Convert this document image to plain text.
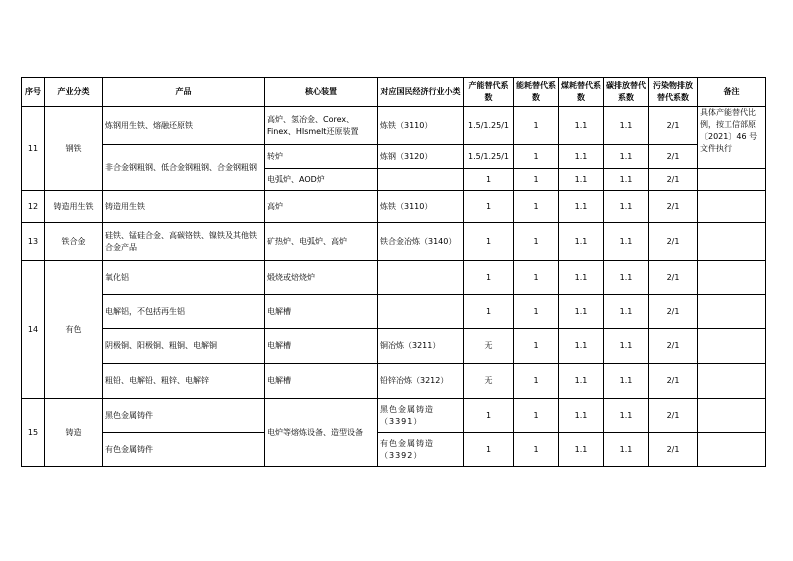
序号	产业分类	产品	核心装置	对应国民经济行业小类	产能替代系数	能耗替代系数	煤耗替代系数	碳排放替代系数	污染物排放替代系数	备注
11	钢铁	炼钢用生铁、熔融还原铁	高炉、氢冶金、Corex、Finex、HIsmelt还原装置	炼铁（3110）	1.5/1.25/1	1	1.1	1.1	2/1	具体产能替代比例，按工信部原〔2021〕46 号文件执行
		非合金钢粗钢、低合金钢粗钢、合金钢粗钢	转炉	炼钢（3120）	1.5/1.25/1	1	1.1	1.1	2/1	
			电弧炉、AOD炉		1	1	1.1	1.1	2/1	
12	铸造用生铁	铸造用生铁	高炉	炼铁（3110）	1	1	1.1	1.1	2/1	
13	铁合金	硅铁、锰硅合金、高碳铬铁、镍铁及其他铁合金产品	矿热炉、电弧炉、高炉	铁合金冶炼（3140）	1	1	1.1	1.1	2/1	
14	有色	氧化铝	煅烧或焙烧炉		1	1	1.1	1.1	2/1	
		电解铝，不包括再生铝	电解槽		1	1	1.1	1.1	2/1	
		阴极铜、阳极铜、粗铜、电解铜	电解槽	铜冶炼（3211）	无	1	1.1	1.1	2/1	
		粗铅、电解铅、粗锌、电解锌	电解槽	铅锌冶炼（3212）	无	1	1.1	1.1	2/1	
15	铸造	黑色金属铸件	电炉等熔炼设备、造型设备	黑色金属铸造（3391）	1	1	1.1	1.1	2/1	
		有色金属铸件		有色金属铸造（3392）	1	1	1.1	1.1	2/1	
